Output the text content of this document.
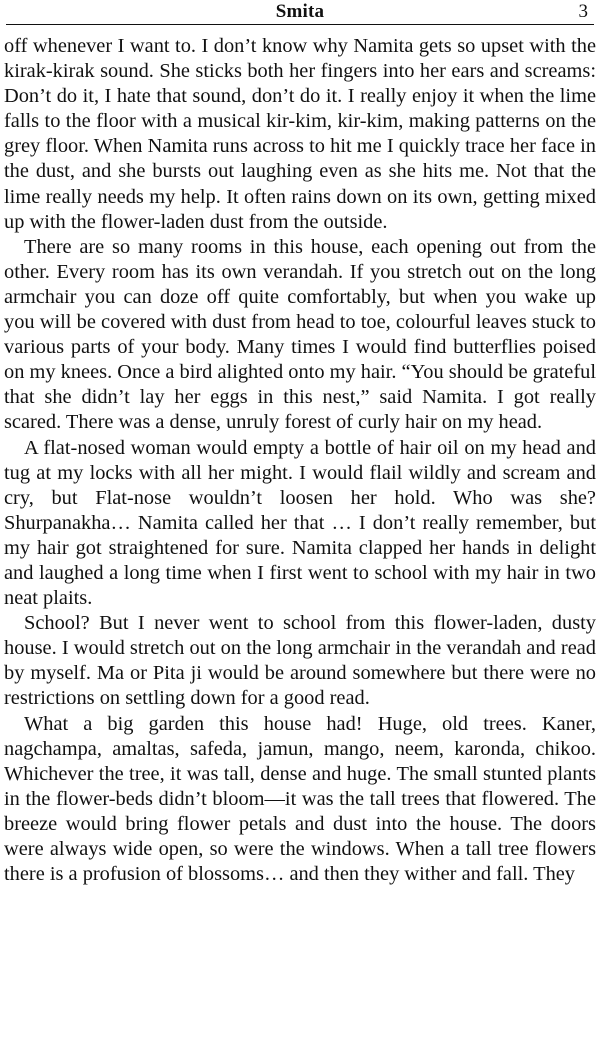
Smita	3

off whenever I want to. I don’t know why Namita gets so upset with the kirak-kirak sound. She sticks both her fingers into her ears and screams: Don’t do it, I hate that sound, don’t do it. I really enjoy it when the lime falls to the floor with a musical kir-kim, kir-kim, making patterns on the grey floor. When Namita runs across to hit me I quickly trace her face in the dust, and she bursts out laughing even as she hits me. Not that the lime really needs my help. It often rains down on its own, getting mixed up with the flower-laden dust from the outside.

There are so many rooms in this house, each opening out from the other. Every room has its own verandah. If you stretch out on the long armchair you can doze off quite comfortably, but when you wake up you will be covered with dust from head to toe, colourful leaves stuck to various parts of your body. Many times I would find butterflies poised on my knees. Once a bird alighted onto my hair. “You should be grateful that she didn’t lay her eggs in this nest,” said Namita. I got really scared. There was a dense, unruly forest of curly hair on my head.

A flat-nosed woman would empty a bottle of hair oil on my head and tug at my locks with all her might. I would flail wildly and scream and cry, but Flat-nose wouldn’t loosen her hold. Who was she? Shurpanakha… Namita called her that … I don’t really remember, but my hair got straightened for sure. Namita clapped her hands in delight and laughed a long time when I first went to school with my hair in two neat plaits.

School? But I never went to school from this flower-laden, dusty house. I would stretch out on the long armchair in the verandah and read by myself. Ma or Pita ji would be around somewhere but there were no restrictions on settling down for a good read.

What a big garden this house had! Huge, old trees. Kaner, nagchampa, amaltas, safeda, jamun, mango, neem, karonda, chikoo. Whichever the tree, it was tall, dense and huge. The small stunted plants in the flower-beds didn’t bloom—it was the tall trees that flowered. The breeze would bring flower petals and dust into the house. The doors were always wide open, so were the windows. When a tall tree flowers there is a profusion of blossoms… and then they wither and fall. They
